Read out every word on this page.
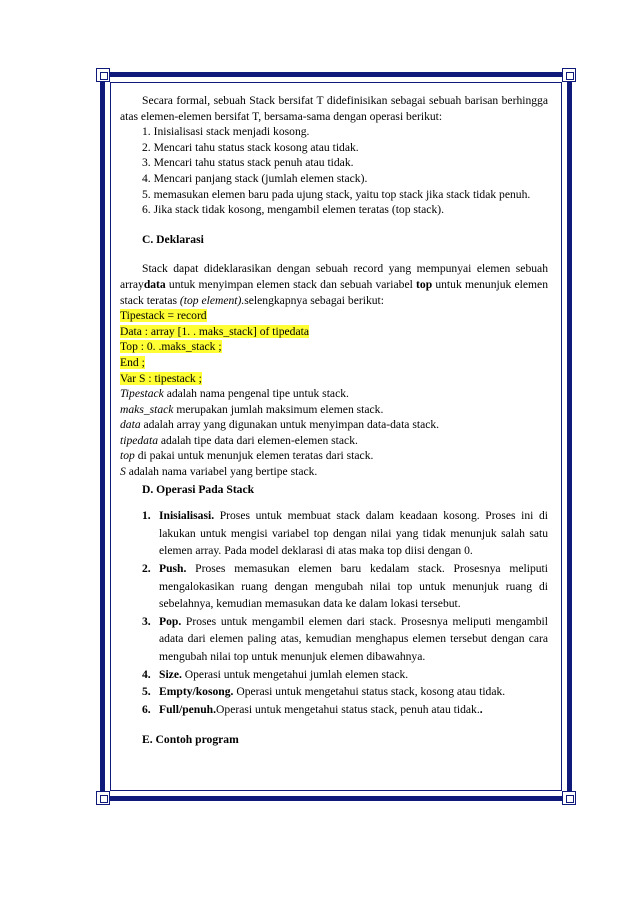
Secara formal, sebuah Stack bersifat T didefinisikan sebagai sebuah barisan berhingga atas elemen-elemen bersifat T, bersama-sama dengan operasi berikut:

1. Inisialisasi stack menjadi kosong.
2. Mencari tahu status stack kosong atau tidak.
3. Mencari tahu status stack penuh atau tidak.
4. Mencari panjang stack (jumlah elemen stack).
5. memasukan elemen baru pada ujung stack, yaitu top stack jika stack tidak penuh.
6. Jika stack tidak kosong, mengambil elemen teratas (top stack).

C. Deklarasi

Stack dapat dideklarasikan dengan sebuah record yang mempunyai elemen sebuah arraydata untuk menyimpan elemen stack dan sebuah variabel top untuk menunjuk elemen stack teratas (top element).selengkapnya sebagai berikut:

Tipestack = record

Data : array [1. . maks_stack] of tipedata

Top : 0. .maks_stack ;

End ;

Var S : tipestack ;

Tipestack adalah nama pengenal tipe untuk stack.

maks_stack merupakan jumlah maksimum elemen stack.

data adalah array yang digunakan untuk menyimpan data-data stack.

tipedata adalah tipe data dari elemen-elemen stack.

top di pakai untuk menunjuk elemen teratas dari stack.

S adalah nama variabel yang bertipe stack.

D. Operasi Pada Stack

1. Inisialisasi. Proses untuk membuat stack dalam keadaan kosong. Proses ini di lakukan untuk mengisi variabel top dengan nilai yang tidak menunjuk salah satu elemen array. Pada model deklarasi di atas maka top diisi dengan 0.
2. Push. Proses memasukan elemen baru kedalam stack. Prosesnya meliputi mengalokasikan ruang dengan mengubah nilai top untuk menunjuk ruang di sebelahnya, kemudian memasukan data ke dalam lokasi tersebut.
3. Pop. Proses untuk mengambil elemen dari stack. Prosesnya meliputi mengambil adata dari elemen paling atas, kemudian menghapus elemen tersebut dengan cara mengubah nilai top untuk menunjuk elemen dibawahnya.
4. Size. Operasi untuk mengetahui jumlah elemen stack.
5. Empty/kosong. Operasi untuk mengetahui status stack, kosong atau tidak.
6. Full/penuh.Operasi untuk mengetahui status stack, penuh atau tidak..

E. Contoh program
